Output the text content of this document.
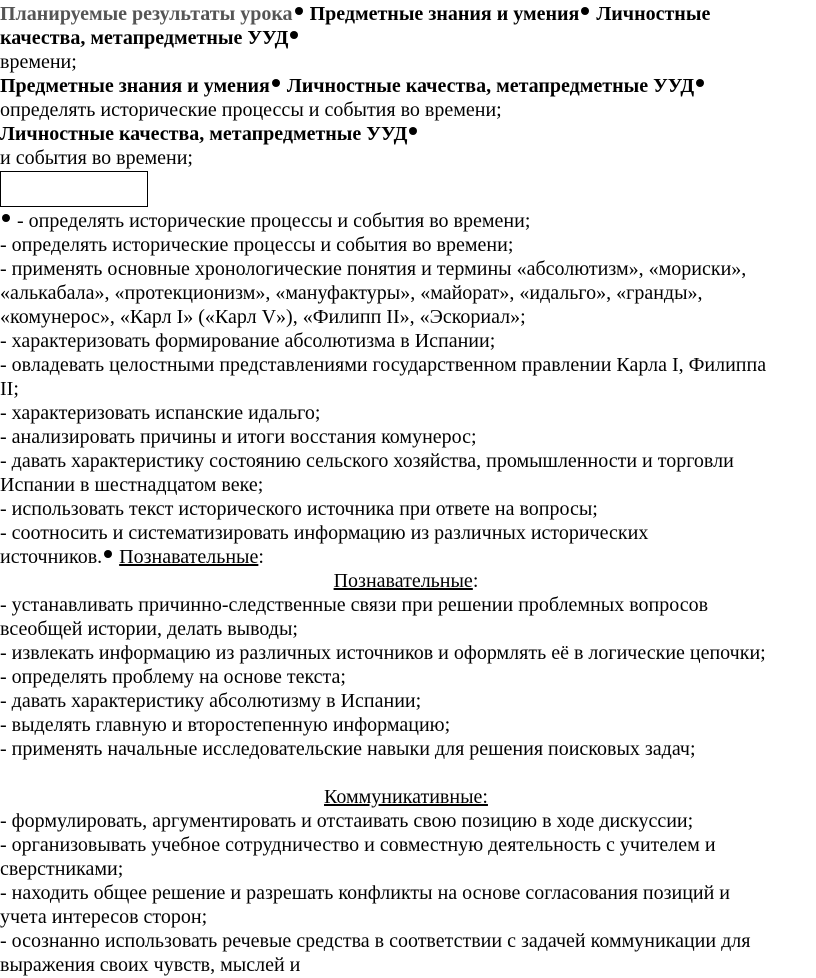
Планируемые результаты урока Предметные знания и умения Личностные
качества, метапредметные УУД
времени;
Предметные знания и умения Личностные качества, метапредметные УУД
определять исторические процессы и события во времени;
Личностные качества, метапредметные УУД
и события во времени;
- определять исторические процессы и события во времени;
- определять исторические процессы и события во времени;
- применять основные хронологические понятия и термины «абсолютизм», «мориски»,
«алькабала», «протекционизм», «мануфактуры», «майорат», «идальго», «гранды»,
«комунерос», «Карл I» («Карл V»), «Филипп II», «Эскориал»;
- характеризовать формирование абсолютизма в Испании;
- овладевать целостными представлениями государственном правлении Карла I, Филиппа
II;
- характеризовать испанские идальго;
- анализировать причины и итоги восстания комунерос;
- давать характеристику состоянию сельского хозяйства, промышленности и торговли
Испании в шестнадцатом веке;
- использовать текст исторического источника при ответе на вопросы;
- соотносить и систематизировать информацию из различных исторических
источников. Познавательные:
Познавательные:
- устанавливать причинно-следственные связи при решении проблемных вопросов
всеобщей истории, делать выводы;
- извлекать информацию из различных источников и оформлять её в логические цепочки;
- определять проблему на основе текста;
- давать характеристику абсолютизму в Испании;
- выделять главную и второстепенную информацию;
- применять начальные исследовательские навыки для решения поисковых задач;
Коммуникативные:
- формулировать, аргументировать и отстаивать свою позицию в ходе дискуссии;
- организовывать учебное сотрудничество и совместную деятельность с учителем и
сверстниками;
- находить общее решение и разрешать конфликты на основе согласования позиций и
учета интересов сторон;
- осознанно использовать речевые средства в соответствии с задачей коммуникации для
выражения своих чувств, мыслей и
